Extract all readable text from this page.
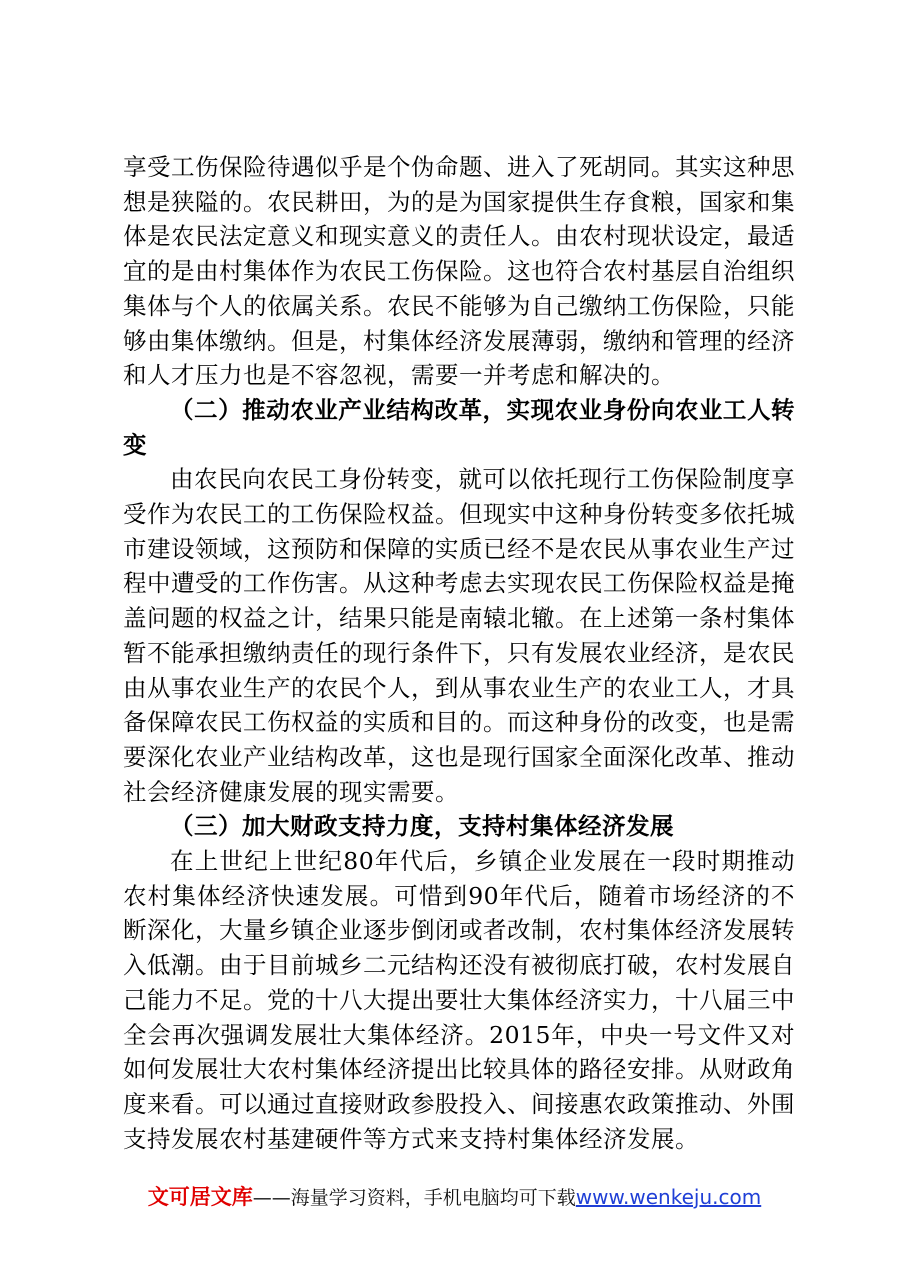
享受工伤保险待遇似乎是个伪命题、进入了死胡同。其实这种思想是狭隘的。农民耕田，为的是为国家提供生存食粮，国家和集体是农民法定意义和现实意义的责任人。由农村现状设定，最适宜的是由村集体作为农民工伤保险。这也符合农村基层自治组织集体与个人的依属关系。农民不能够为自己缴纳工伤保险，只能够由集体缴纳。但是，村集体经济发展薄弱，缴纳和管理的经济和人才压力也是不容忽视，需要一并考虑和解决的。

（二）推动农业产业结构改革，实现农业身份向农业工人转变

由农民向农民工身份转变，就可以依托现行工伤保险制度享受作为农民工的工伤保险权益。但现实中这种身份转变多依托城市建设领域，这预防和保障的实质已经不是农民从事农业生产过程中遭受的工作伤害。从这种考虑去实现农民工伤保险权益是掩盖问题的权益之计，结果只能是南辕北辙。在上述第一条村集体暂不能承担缴纳责任的现行条件下，只有发展农业经济，是农民由从事农业生产的农民个人，到从事农业生产的农业工人，才具备保障农民工伤权益的实质和目的。而这种身份的改变，也是需要深化农业产业结构改革，这也是现行国家全面深化改革、推动社会经济健康发展的现实需要。

（三）加大财政支持力度，支持村集体经济发展

在上世纪上世纪80年代后，乡镇企业发展在一段时期推动农村集体经济快速发展。可惜到90年代后，随着市场经济的不断深化，大量乡镇企业逐步倒闭或者改制，农村集体经济发展转入低潮。由于目前城乡二元结构还没有被彻底打破，农村发展自己能力不足。党的十八大提出要壮大集体经济实力，十八届三中全会再次强调发展壮大集体经济。2015年，中央一号文件又对如何发展壮大农村集体经济提出比较具体的路径安排。从财政角度来看。可以通过直接财政参股投入、间接惠农政策推动、外围支持发展农村基建硬件等方式来支持村集体经济发展。

文可居文库——海量学习资料，手机电脑均可下载www.wenkeju.com
